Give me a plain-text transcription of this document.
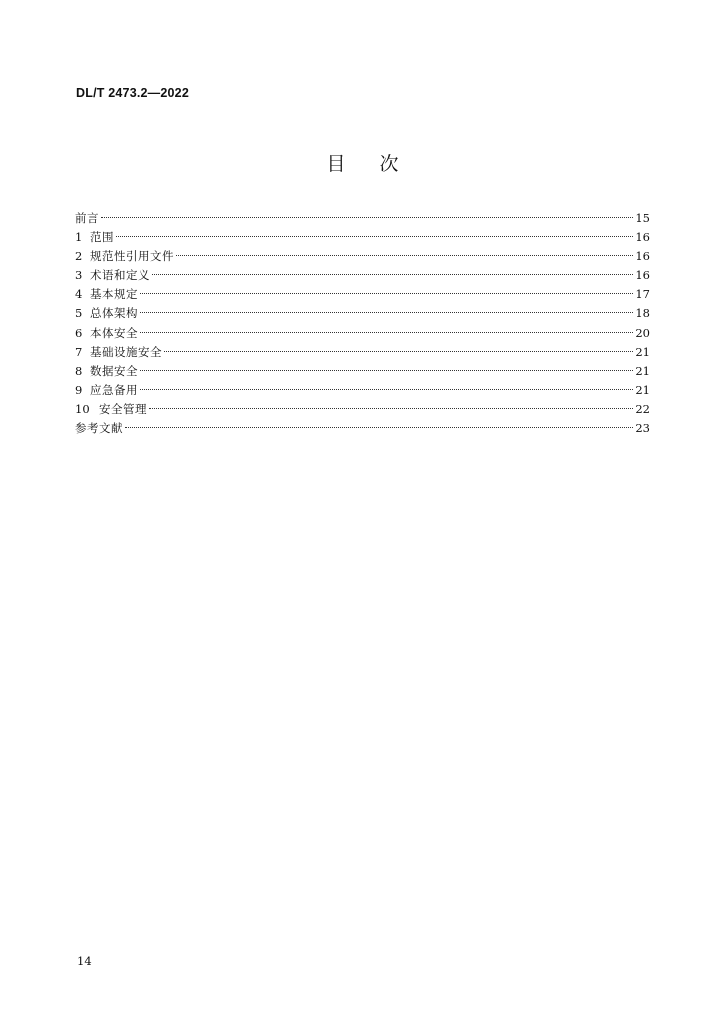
DL/T 2473.2—2022
目次
前言	15
1 范围	16
2 规范性引用文件	16
3 术语和定义	16
4 基本规定	17
5 总体架构	18
6 本体安全	20
7 基础设施安全	21
8 数据安全	21
9 应急备用	21
10 安全管理	22
参考文献	23
14
